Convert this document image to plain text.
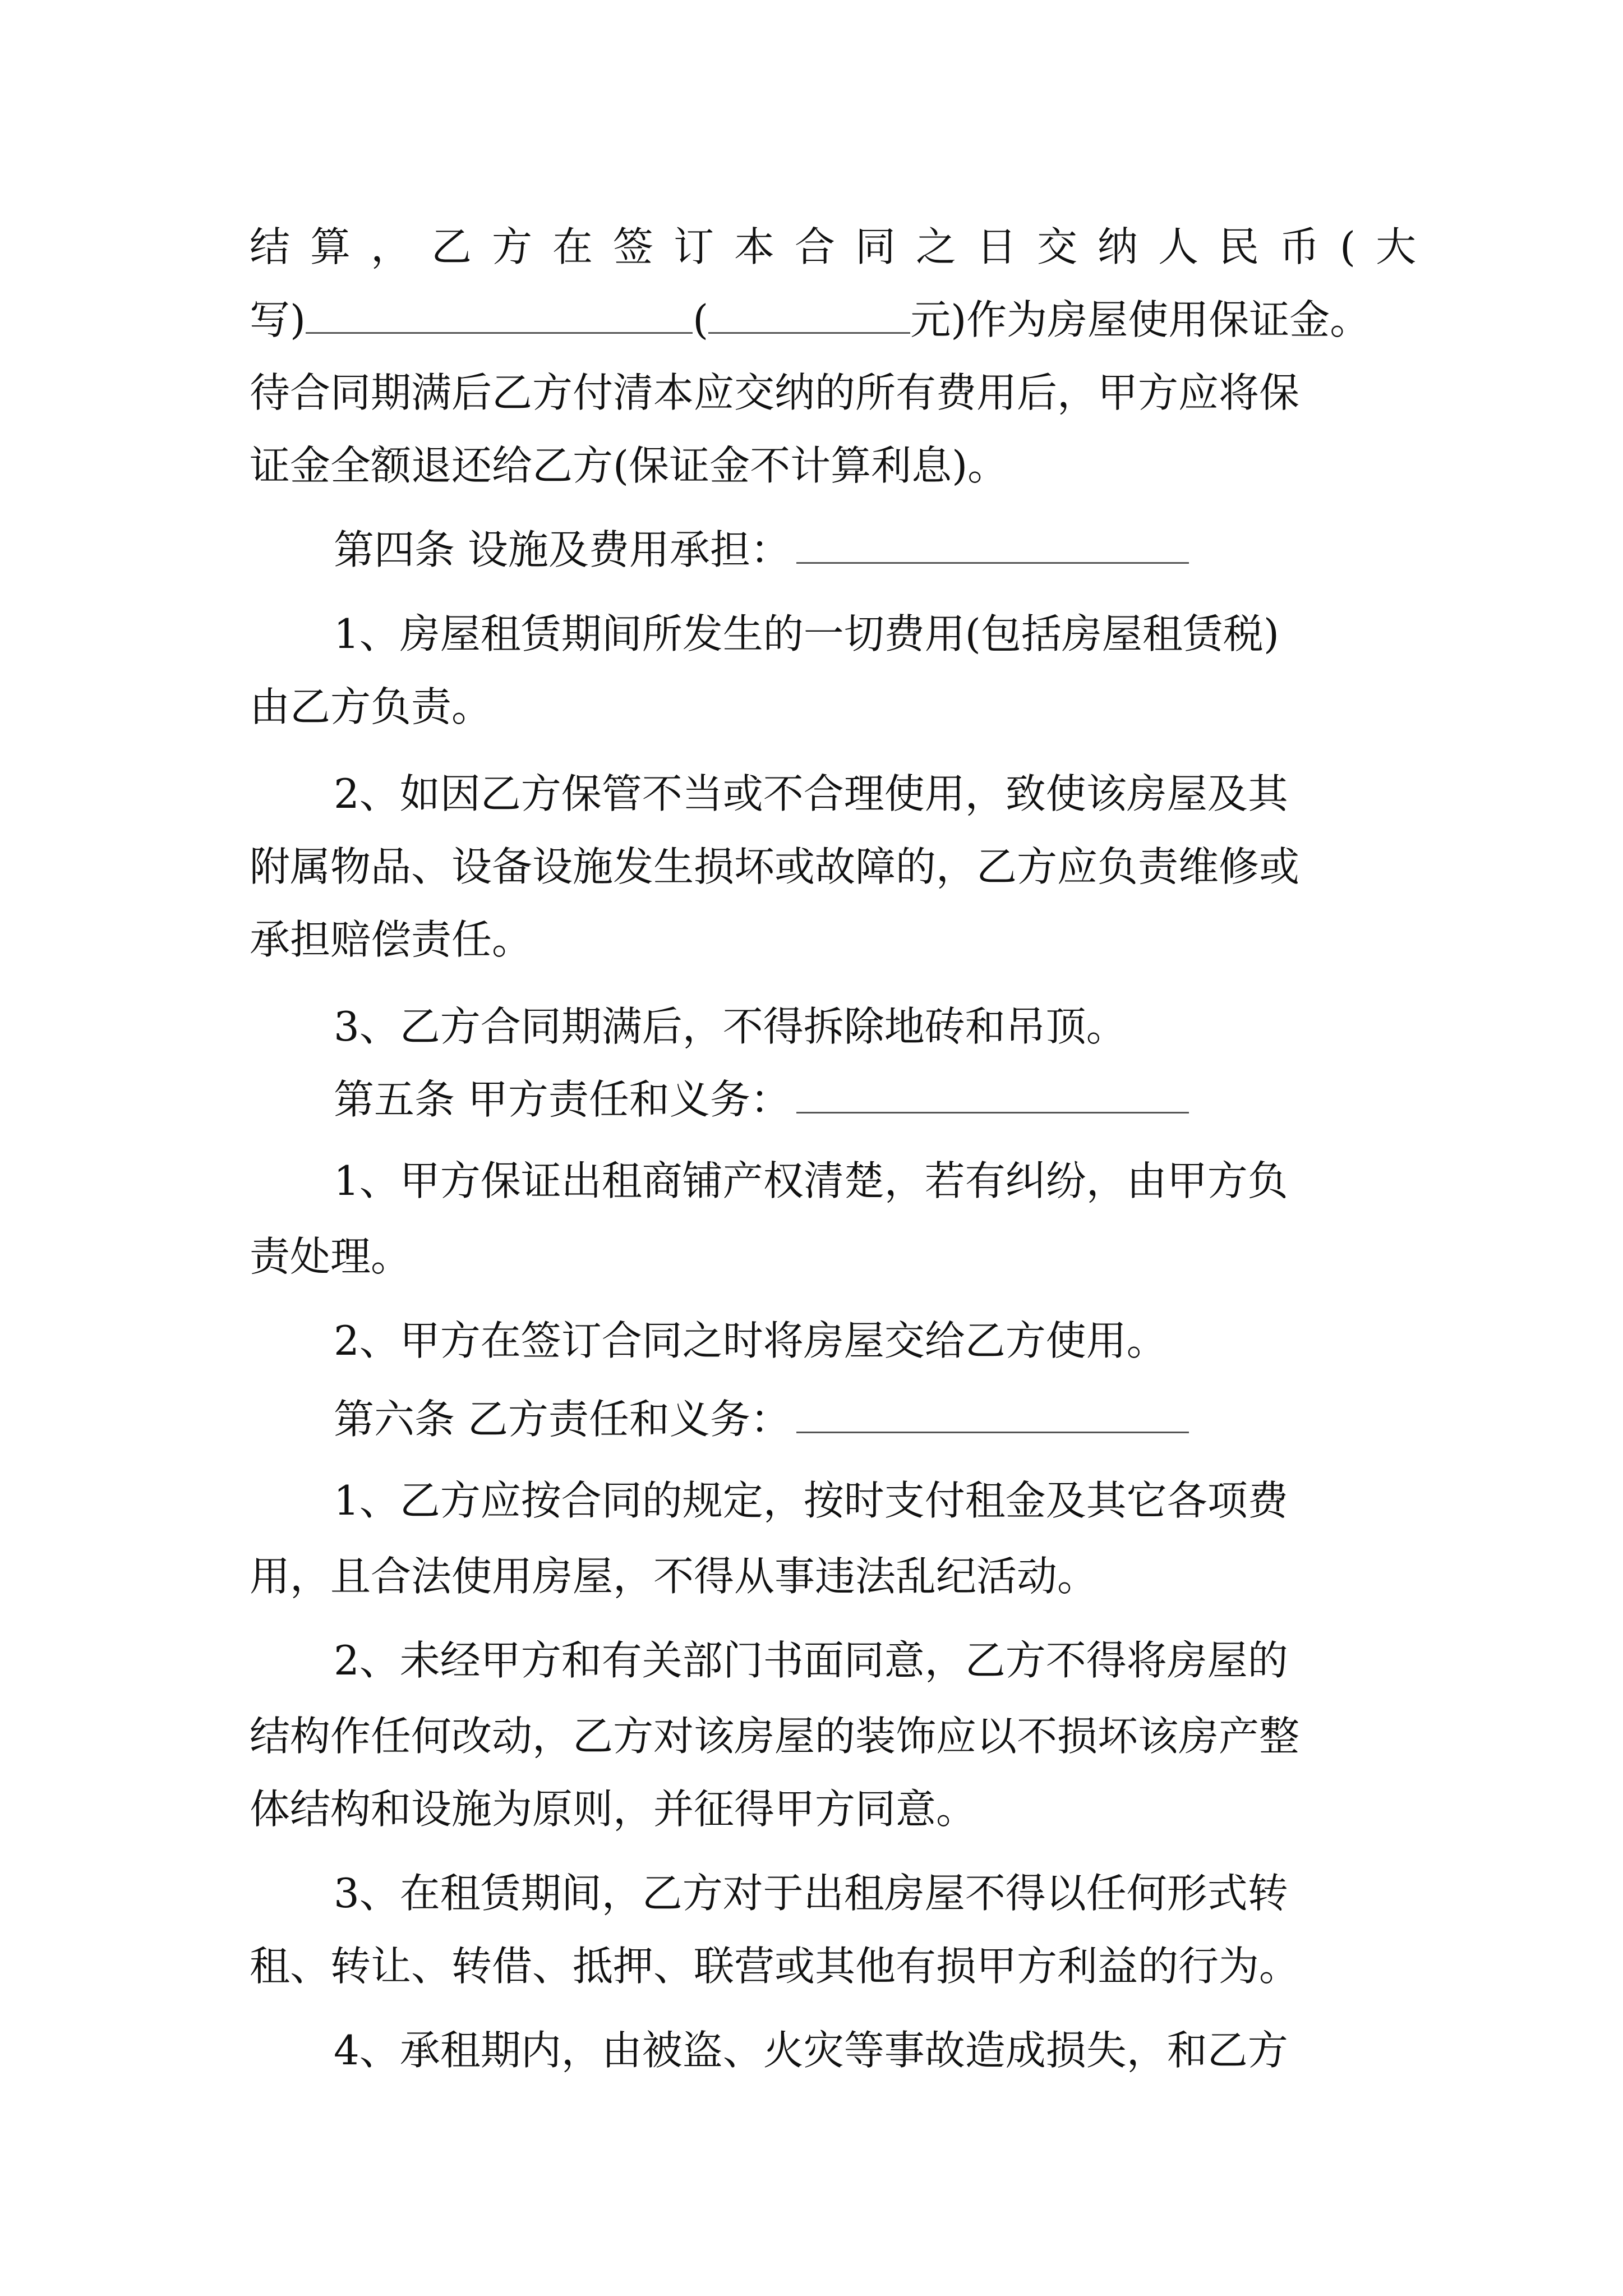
结算，乙方在签订本合同之日交纳人民币(大
写)	(	元)作为房屋使用保证金。
待合同期满后乙方付清本应交纳的所有费用后，甲方应将保
证金全额退还给乙方(保证金不计算利息)。
第四条 设施及费用承担：
1、房屋租赁期间所发生的一切费用(包括房屋租赁税)
由乙方负责。
2、如因乙方保管不当或不合理使用，致使该房屋及其
附属物品、设备设施发生损坏或故障的，乙方应负责维修或
承担赔偿责任。
3、乙方合同期满后，不得拆除地砖和吊顶。
第五条 甲方责任和义务：
1、甲方保证出租商铺产权清楚，若有纠纷，由甲方负
责处理。
2、甲方在签订合同之时将房屋交给乙方使用。
第六条 乙方责任和义务：
1、乙方应按合同的规定，按时支付租金及其它各项费
用，且合法使用房屋，不得从事违法乱纪活动。
2、未经甲方和有关部门书面同意，乙方不得将房屋的
结构作任何改动，乙方对该房屋的装饰应以不损坏该房产整
体结构和设施为原则，并征得甲方同意。
3、在租赁期间，乙方对于出租房屋不得以任何形式转
租、转让、转借、抵押、联营或其他有损甲方利益的行为。
4、承租期内，由被盗、火灾等事故造成损失，和乙方
